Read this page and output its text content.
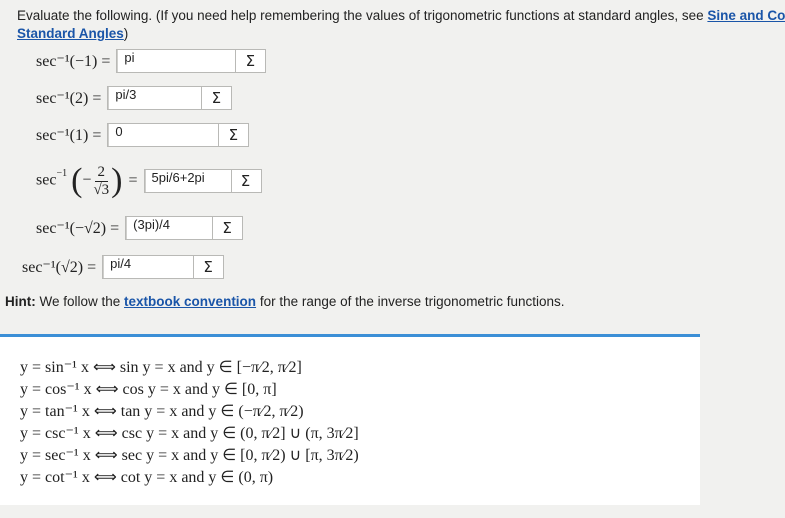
Evaluate the following. (If you need help remembering the values of trigonometric functions at standard angles, see Sine and Co
Standard Angles)
sec⁻¹(−1) =	pi	Σ
sec⁻¹(2) =	pi/3	Σ
sec⁻¹(1) =	0	Σ
$\sec^{-1}$ (− $\frac{2}{√3}$ ) =	5pi/6+2pi	Σ
sec⁻¹(−√2) =	(3pi)/4	Σ
sec⁻¹(√2) =	pi/4	Σ
Hint: We follow the textbook convention for the range of the inverse trigonometric functions.
y = sin⁻¹ x ⟺ sin y = x and y ∈ [−π⁄2, π⁄2]
y = cos⁻¹ x ⟺ cos y = x and y ∈ [0, π]
y = tan⁻¹ x ⟺ tan y = x and y ∈ (−π⁄2, π⁄2)
y = csc⁻¹ x ⟺ csc y = x and y ∈ (0, π⁄2] ∪ (π, 3π⁄2]
y = sec⁻¹ x ⟺ sec y = x and y ∈ [0, π⁄2) ∪ [π, 3π⁄2)
y = cot⁻¹ x ⟺ cot y = x and y ∈ (0, π)
